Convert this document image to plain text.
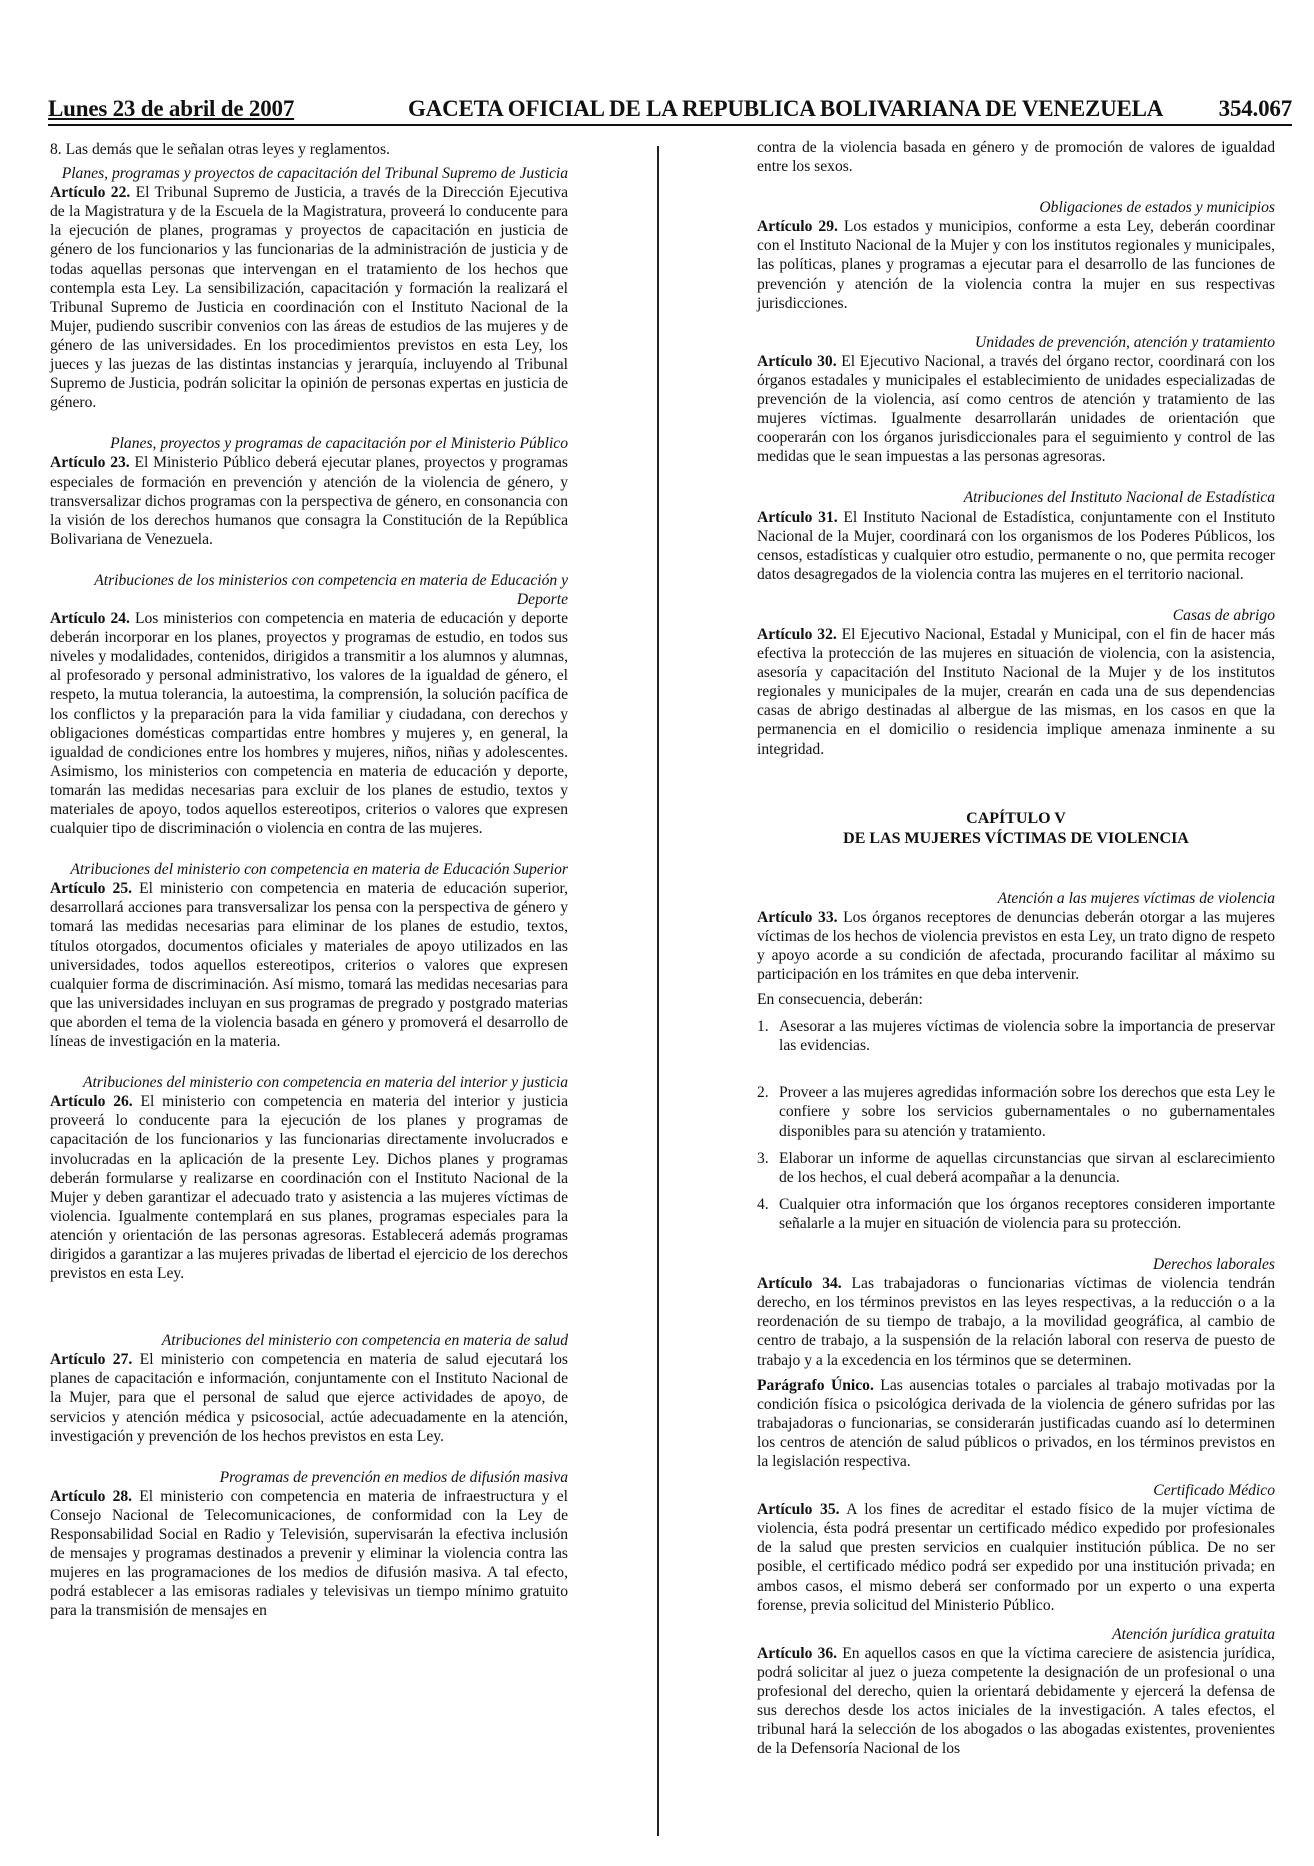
Lunes 23 de abril de 2007	GACETA OFICIAL DE LA REPUBLICA BOLIVARIANA DE VENEZUELA 354.067

8. Las demás que le señalan otras leyes y reglamentos.

Planes, programas y proyectos de capacitación del Tribunal Supremo de Justicia

Artículo 22. El Tribunal Supremo de Justicia, a través de la Dirección Ejecutiva de la Magistratura y de la Escuela de la Magistratura, proveerá lo conducente para la ejecución de planes, programas y proyectos de capacitación en justicia de género de los funcionarios y las funcionarias de la administración de justicia y de todas aquellas personas que intervengan en el tratamiento de los hechos que contempla esta Ley. La sensibilización, capacitación y formación la realizará el Tribunal Supremo de Justicia en coordinación con el Instituto Nacional de la Mujer, pudiendo suscribir convenios con las áreas de estudios de las mujeres y de género de las universidades. En los procedimientos previstos en esta Ley, los jueces y las juezas de las distintas instancias y jerarquía, incluyendo al Tribunal Supremo de Justicia, podrán solicitar la opinión de personas expertas en justicia de género.

Planes, proyectos y programas de capacitación por el Ministerio Público

Artículo 23. El Ministerio Público deberá ejecutar planes, proyectos y programas especiales de formación en prevención y atención de la violencia de género, y transversalizar dichos programas con la perspectiva de género, en consonancia con la visión de los derechos humanos que consagra la Constitución de la República Bolivariana de Venezuela.

Atribuciones de los ministerios con competencia en materia de Educación y Deporte

Artículo 24. Los ministerios con competencia en materia de educación y deporte deberán incorporar en los planes, proyectos y programas de estudio, en todos sus niveles y modalidades, contenidos, dirigidos a transmitir a los alumnos y alumnas, al profesorado y personal administrativo, los valores de la igualdad de género, el respeto, la mutua tolerancia, la autoestima, la comprensión, la solución pacífica de los conflictos y la preparación para la vida familiar y ciudadana, con derechos y obligaciones domésticas compartidas entre hombres y mujeres y, en general, la igualdad de condiciones entre los hombres y mujeres, niños, niñas y adolescentes. Asimismo, los ministerios con competencia en materia de educación y deporte, tomarán las medidas necesarias para excluir de los planes de estudio, textos y materiales de apoyo, todos aquellos estereotipos, criterios o valores que expresen cualquier tipo de discriminación o violencia en contra de las mujeres.

Atribuciones del ministerio con competencia en materia de Educación Superior

Artículo 25. El ministerio con competencia en materia de educación superior, desarrollará acciones para transversalizar los pensa con la perspectiva de género y tomará las medidas necesarias para eliminar de los planes de estudio, textos, títulos otorgados, documentos oficiales y materiales de apoyo utilizados en las universidades, todos aquellos estereotipos, criterios o valores que expresen cualquier forma de discriminación. Así mismo, tomará las medidas necesarias para que las universidades incluyan en sus programas de pregrado y postgrado materias que aborden el tema de la violencia basada en género y promoverá el desarrollo de líneas de investigación en la materia.

Atribuciones del ministerio con competencia en materia del interior y justicia

Artículo 26. El ministerio con competencia en materia del interior y justicia proveerá lo conducente para la ejecución de los planes y programas de capacitación de los funcionarios y las funcionarias directamente involucrados e involucradas en la aplicación de la presente Ley. Dichos planes y programas deberán formularse y realizarse en coordinación con el Instituto Nacional de la Mujer y deben garantizar el adecuado trato y asistencia a las mujeres víctimas de violencia. Igualmente contemplará en sus planes, programas especiales para la atención y orientación de las personas agresoras. Establecerá además programas dirigidos a garantizar a las mujeres privadas de libertad el ejercicio de los derechos previstos en esta Ley.

Atribuciones del ministerio con competencia en materia de salud

Artículo 27. El ministerio con competencia en materia de salud ejecutará los planes de capacitación e información, conjuntamente con el Instituto Nacional de la Mujer, para que el personal de salud que ejerce actividades de apoyo, de servicios y atención médica y psicosocial, actúe adecuadamente en la atención, investigación y prevención de los hechos previstos en esta Ley.

Programas de prevención en medios de difusión masiva

Artículo 28. El ministerio con competencia en materia de infraestructura y el Consejo Nacional de Telecomunicaciones, de conformidad con la Ley de Responsabilidad Social en Radio y Televisión, supervisarán la efectiva inclusión de mensajes y programas destinados a prevenir y eliminar la violencia contra las mujeres en las programaciones de los medios de difusión masiva. A tal efecto, podrá establecer a las emisoras radiales y televisivas un tiempo mínimo gratuito para la transmisión de mensajes en

contra de la violencia basada en género y de promoción de valores de igualdad entre los sexos.

Obligaciones de estados y municipios

Artículo 29. Los estados y municipios, conforme a esta Ley, deberán coordinar con el Instituto Nacional de la Mujer y con los institutos regionales y municipales, las políticas, planes y programas a ejecutar para el desarrollo de las funciones de prevención y atención de la violencia contra la mujer en sus respectivas jurisdicciones.

Unidades de prevención, atención y tratamiento

Artículo 30. El Ejecutivo Nacional, a través del órgano rector, coordinará con los órganos estadales y municipales el establecimiento de unidades especializadas de prevención de la violencia, así como centros de atención y tratamiento de las mujeres víctimas. Igualmente desarrollarán unidades de orientación que cooperarán con los órganos jurisdiccionales para el seguimiento y control de las medidas que le sean impuestas a las personas agresoras.

Atribuciones del Instituto Nacional de Estadística

Artículo 31. El Instituto Nacional de Estadística, conjuntamente con el Instituto Nacional de la Mujer, coordinará con los organismos de los Poderes Públicos, los censos, estadísticas y cualquier otro estudio, permanente o no, que permita recoger datos desagregados de la violencia contra las mujeres en el territorio nacional.

Casas de abrigo

Artículo 32. El Ejecutivo Nacional, Estadal y Municipal, con el fin de hacer más efectiva la protección de las mujeres en situación de violencia, con la asistencia, asesoría y capacitación del Instituto Nacional de la Mujer y de los institutos regionales y municipales de la mujer, crearán en cada una de sus dependencias casas de abrigo destinadas al albergue de las mismas, en los casos en que la permanencia en el domicilio o residencia implique amenaza inminente a su integridad.

CAPÍTULO V
DE LAS MUJERES VÍCTIMAS DE VIOLENCIA

Atención a las mujeres víctimas de violencia

Artículo 33. Los órganos receptores de denuncias deberán otorgar a las mujeres víctimas de los hechos de violencia previstos en esta Ley, un trato digno de respeto y apoyo acorde a su condición de afectada, procurando facilitar al máximo su participación en los trámites en que deba intervenir.

En consecuencia, deberán:

1. Asesorar a las mujeres víctimas de violencia sobre la importancia de preservar las evidencias.
2. Proveer a las mujeres agredidas información sobre los derechos que esta Ley le confiere y sobre los servicios gubernamentales o no gubernamentales disponibles para su atención y tratamiento.
3. Elaborar un informe de aquellas circunstancias que sirvan al esclarecimiento de los hechos, el cual deberá acompañar a la denuncia.
4. Cualquier otra información que los órganos receptores consideren importante señalarle a la mujer en situación de violencia para su protección.

Derechos laborales

Artículo 34. Las trabajadoras o funcionarias víctimas de violencia tendrán derecho, en los términos previstos en las leyes respectivas, a la reducción o a la reordenación de su tiempo de trabajo, a la movilidad geográfica, al cambio de centro de trabajo, a la suspensión de la relación laboral con reserva de puesto de trabajo y a la excedencia en los términos que se determinen.

Parágrafo Único. Las ausencias totales o parciales al trabajo motivadas por la condición física o psicológica derivada de la violencia de género sufridas por las trabajadoras o funcionarias, se considerarán justificadas cuando así lo determinen los centros de atención de salud públicos o privados, en los términos previstos en la legislación respectiva.

Certificado Médico

Artículo 35. A los fines de acreditar el estado físico de la mujer víctima de violencia, ésta podrá presentar un certificado médico expedido por profesionales de la salud que presten servicios en cualquier institución pública. De no ser posible, el certificado médico podrá ser expedido por una institución privada; en ambos casos, el mismo deberá ser conformado por un experto o una experta forense, previa solicitud del Ministerio Público.

Atención jurídica gratuita

Artículo 36. En aquellos casos en que la víctima careciere de asistencia jurídica, podrá solicitar al juez o jueza competente la designación de un profesional o una profesional del derecho, quien la orientará debidamente y ejercerá la defensa de sus derechos desde los actos iniciales de la investigación. A tales efectos, el tribunal hará la selección de los abogados o las abogadas existentes, provenientes de la Defensoría Nacional de los
